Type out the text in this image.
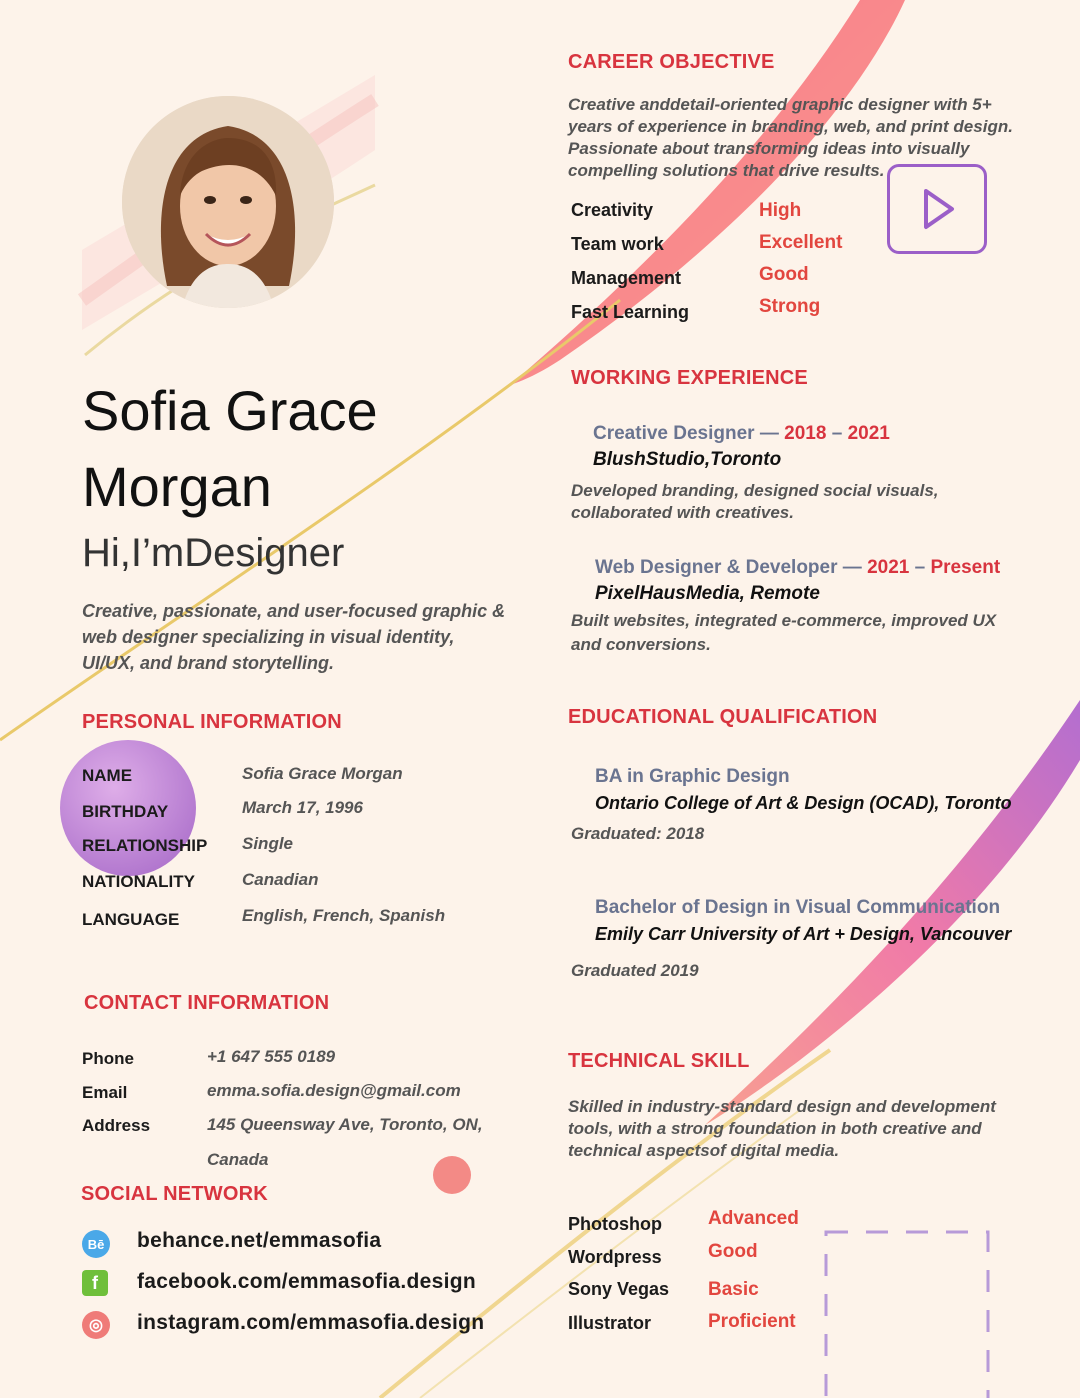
Sofia Grace
Morgan
Hi,I’mDesigner
Creative, passionate, and user-focused graphic & web designer specializing in visual identity, UI/UX, and brand storytelling.
PERSONAL INFORMATION
NAME	Sofia Grace Morgan
BIRTHDAY	March 17, 1996
RELATIONSHIP Single
NATIONALITY	Canadian
LANGUAGE	English, French, Spanish
CONTACT INFORMATION
Phone	+1 647 555 0189
Email	emma.sofia.design@gmail.com
Address	145 Queensway Ave, Toronto, ON,
Canada
SOCIAL NETWORK
Bē behance.net/emmasofia
f	facebook.com/emmasofia.design
◎	instagram.com/emmasofia.design
CAREER OBJECTIVE
Creative anddetail-oriented graphic designer with 5+ years of experience in branding, web, and print design. Passionate about transforming ideas into visually compelling solutions that drive results.
Creativity	High
Team work	Excellent
Management	Good
Fast Learning	Strong
WORKING EXPERIENCE
Creative Designer — 2018 – 2021
BlushStudio,Toronto
Developed branding, designed social visuals, collaborated with creatives.
Web Designer & Developer — 2021 – Present
PixelHausMedia, Remote
Built websites, integrated e-commerce, improved UX and conversions.
EDUCATIONAL QUALIFICATION
BA in Graphic Design
Ontario College of Art & Design (OCAD), Toronto
Graduated: 2018
Bachelor of Design in Visual Communication
Emily Carr University of Art + Design, Vancouver
Graduated 2019
TECHNICAL SKILL
Skilled in industry-standard design and development tools, with a strong foundation in both creative and technical aspectsof digital media.
Photoshop Advanced
Wordpress Good
Sony Vegas Basic
Illustrator	Proficient
